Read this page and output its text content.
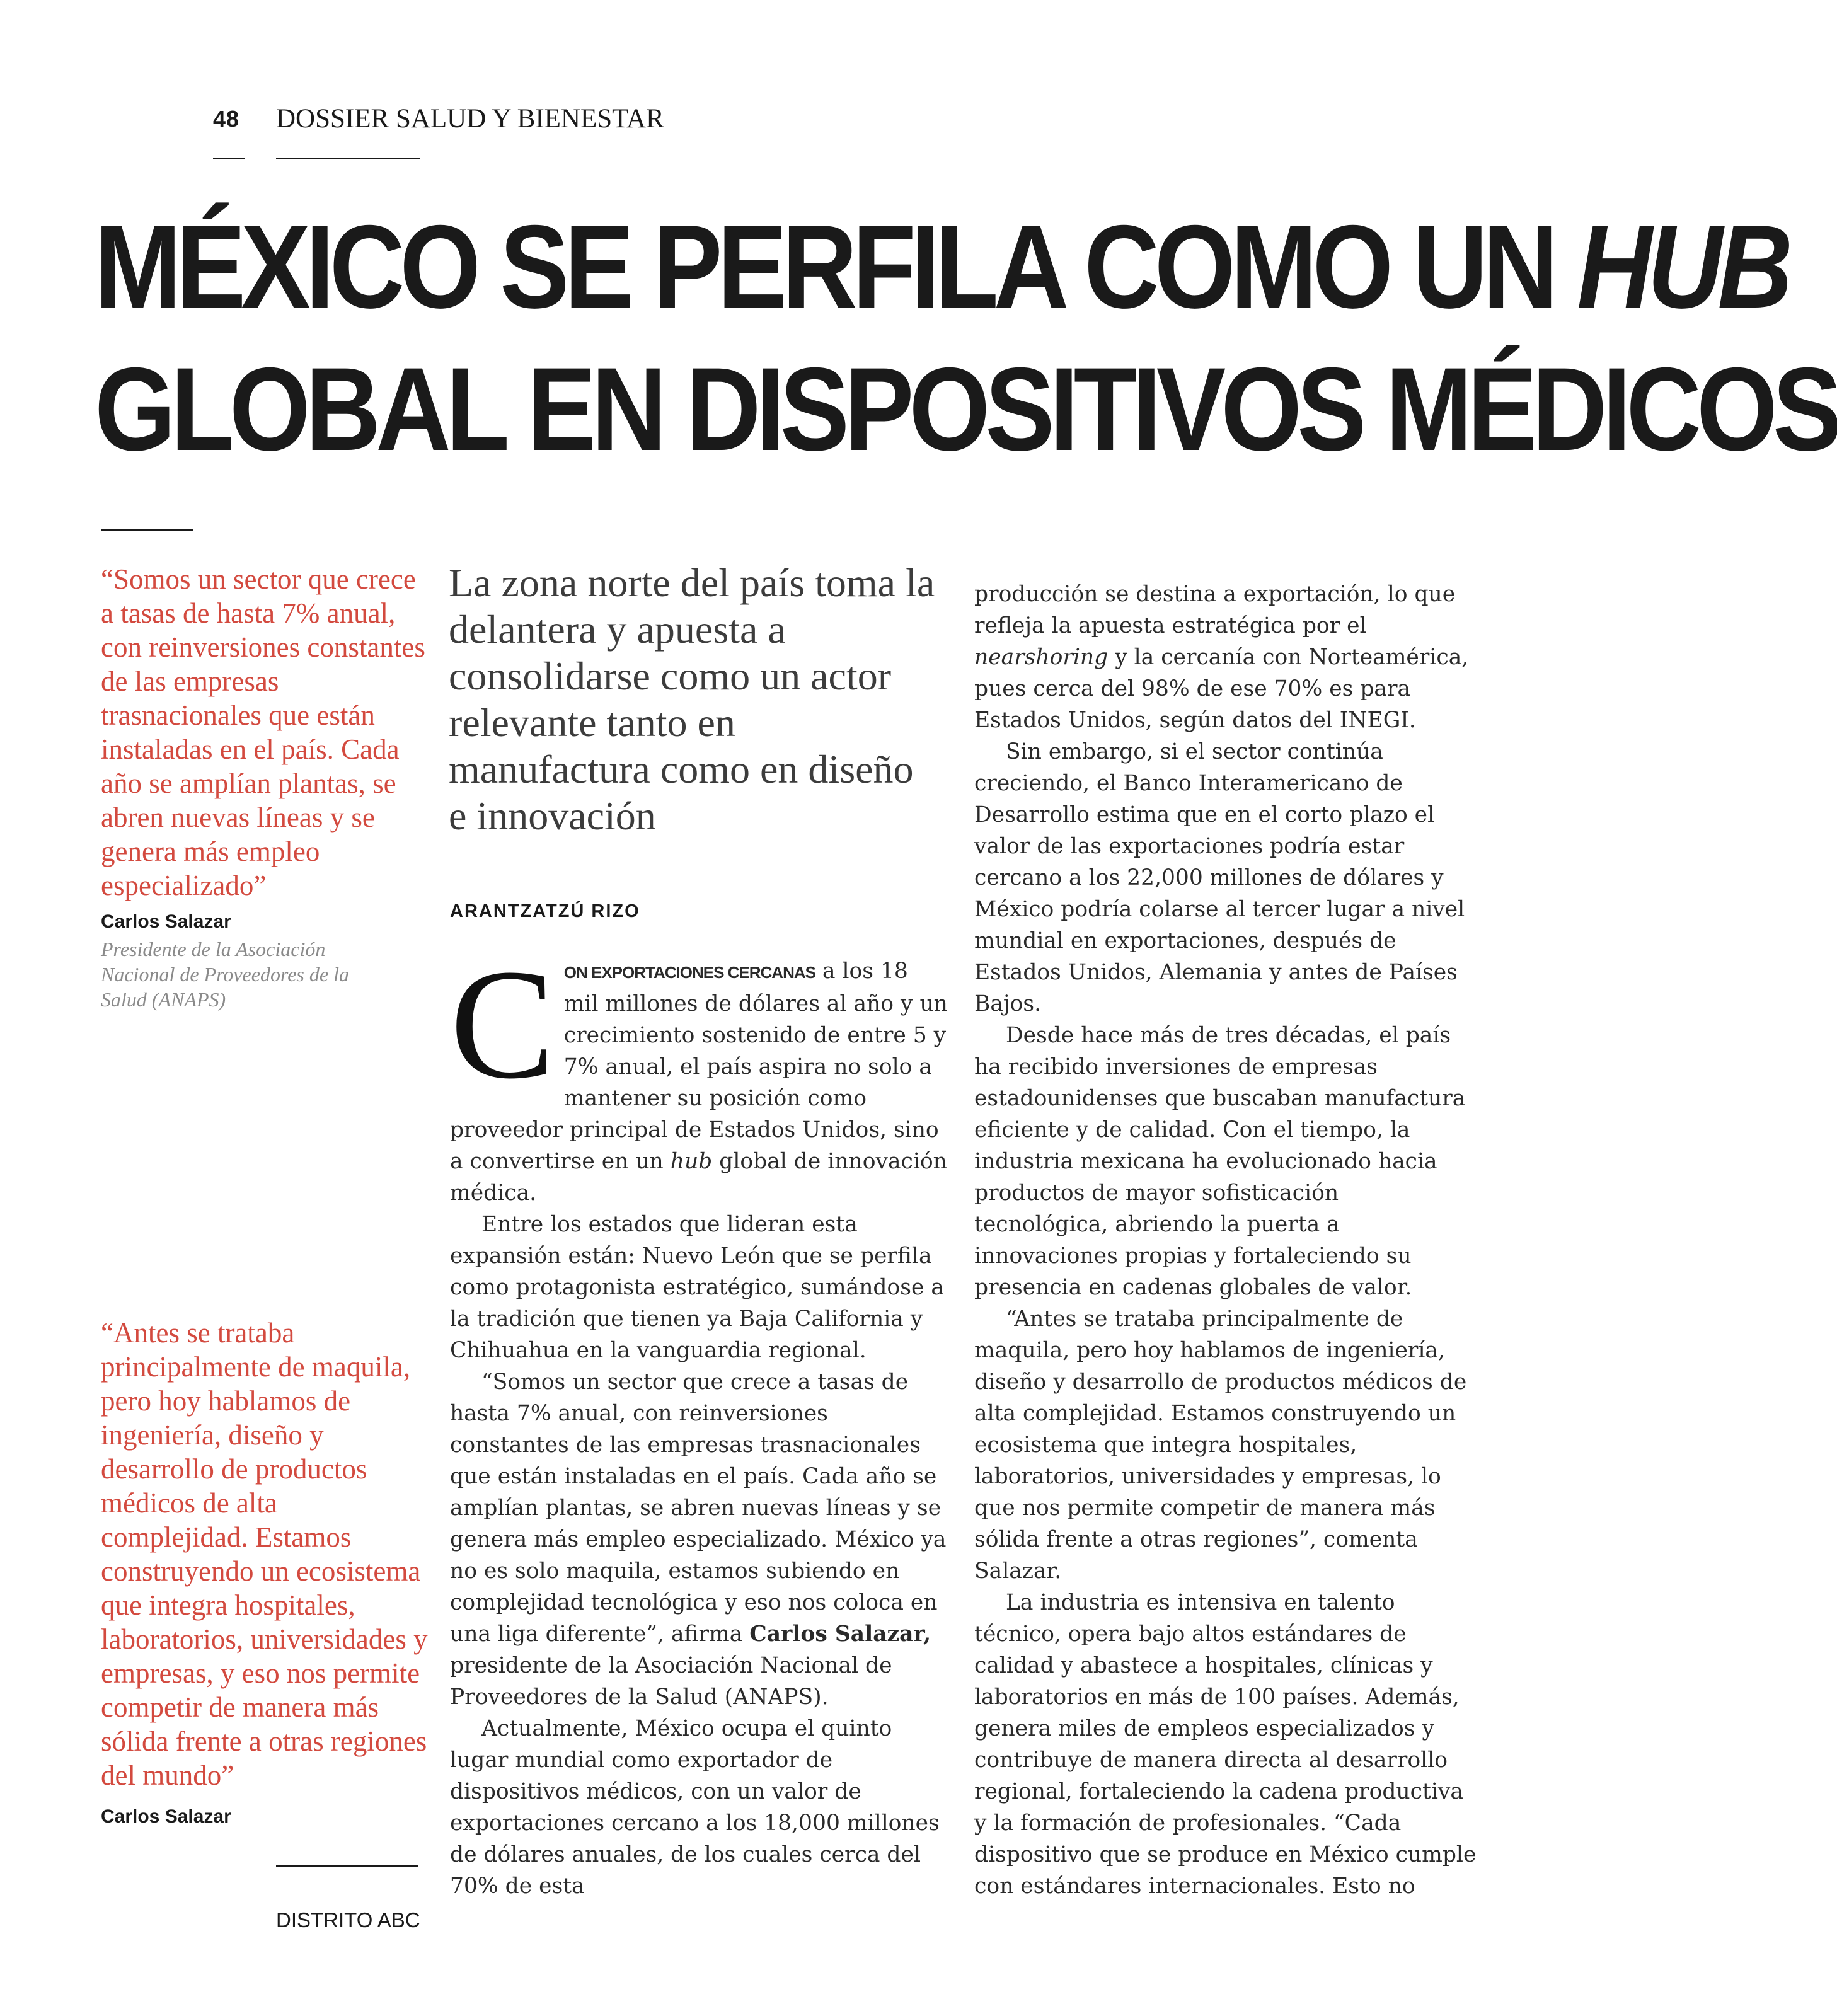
48 DOSSIER SALUD Y BIENESTAR
MÉXICO SE PERFILA COMO UN HUB
GLOBAL EN DISPOSITIVOS MÉDICOS
“Somos un sector que crece a tasas de hasta 7% anual, con reinversiones constantes de las empresas trasnacionales que están instaladas en el país. Cada año se amplían plantas, se abren nuevas líneas y se genera más empleo especializado”
Carlos Salazar
Presidente de la Asociación Nacional de Proveedores de la Salud (ANAPS)
“Antes se trataba principalmente de maquila, pero hoy hablamos de ingeniería, diseño y desarrollo de productos médicos de alta complejidad. Estamos construyendo un ecosistema que integra hospitales, laboratorios, universidades y empresas, y eso nos permite competir de manera más sólida frente a otras regiones del mundo”
Carlos Salazar
La zona norte del país toma la delantera y apuesta a consolidarse como un actor relevante tanto en manufactura como en diseño e innovación
ARANTZATZÚ RIZO

CON EXPORTACIONES CERCANAS a los 18 mil millones de dólares al año y un crecimiento sostenido de entre 5 y 7% anual, el país aspira no solo a mantener su posición como proveedor principal de Estados Unidos, sino a convertirse en un hub global de innovación médica.

Entre los estados que lideran esta expansión están: Nuevo León que se perfila como protagonista estratégico, sumándose a la tradición que tienen ya Baja California y Chihuahua en la vanguardia regional.

“Somos un sector que crece a tasas de hasta 7% anual, con reinversiones constantes de las empresas trasnacionales que están instaladas en el país. Cada año se amplían plantas, se abren nuevas líneas y se genera más empleo especializado. México ya no es solo maquila, estamos subiendo en complejidad tecnológica y eso nos coloca en una liga diferente”, afirma Carlos Salazar, presidente de la Asociación Nacional de Proveedores de la Salud (ANAPS).

Actualmente, México ocupa el quinto lugar mundial como exportador de dispositivos médicos, con un valor de exportaciones cercano a los 18,000 millones de dólares anuales, de los cuales cerca del 70% de esta

producción se destina a exportación, lo que refleja la apuesta estratégica por el nearshoring y la cercanía con Norteamérica, pues cerca del 98% de ese 70% es para Estados Unidos, según datos del INEGI.

Sin embargo, si el sector continúa creciendo, el Banco Interamericano de Desarrollo estima que en el corto plazo el valor de las exportaciones podría estar cercano a los 22,000 millones de dólares y México podría colarse al tercer lugar a nivel mundial en exportaciones, después de Estados Unidos, Alemania y antes de Países Bajos.

Desde hace más de tres décadas, el país ha recibido inversiones de empresas estadounidenses que buscaban manufactura eficiente y de calidad. Con el tiempo, la industria mexicana ha evolucionado hacia productos de mayor sofisticación tecnológica, abriendo la puerta a innovaciones propias y fortaleciendo su presencia en cadenas globales de valor.

“Antes se trataba principalmente de maquila, pero hoy hablamos de ingeniería, diseño y desarrollo de productos médicos de alta complejidad. Estamos construyendo un ecosistema que integra hospitales, laboratorios, universidades y empresas, lo que nos permite competir de manera más sólida frente a otras regiones”, comenta Salazar.

La industria es intensiva en talento técnico, opera bajo altos estándares de calidad y abastece a hospitales, clínicas y laboratorios en más de 100 países. Además, genera miles de empleos especializados y contribuye de manera directa al desarrollo regional, fortaleciendo la cadena productiva y la formación de profesionales. “Cada dispositivo que se produce en México cumple con estándares internacionales. Esto no

DISTRITO ABC
